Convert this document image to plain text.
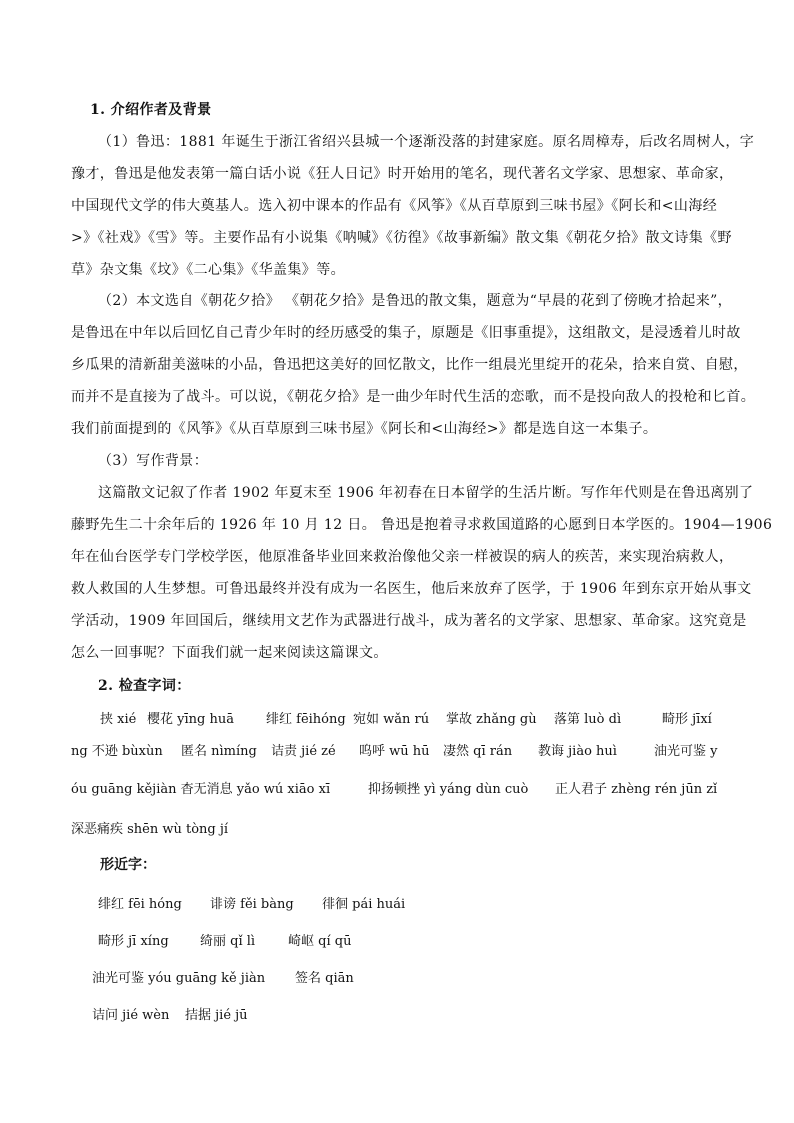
1. 介绍作者及背景
（1）鲁迅：1881 年诞生于浙江省绍兴县城一个逐渐没落的封建家庭。原名周樟寿，后改名周树人，字
豫才，鲁迅是他发表第一篇白话小说《狂人日记》时开始用的笔名，现代著名文学家、思想家、革命家，
中国现代文学的伟大奠基人。选入初中课本的作品有《风筝》《从百草原到三味书屋》《阿长和<山海经
>》《社戏》《雪》等。主要作品有小说集《呐喊》《彷徨》《故事新编》散文集《朝花夕拾》散文诗集《野
草》杂文集《坟》《二心集》《华盖集》等。
（2）本文选自《朝花夕拾》 《朝花夕拾》是鲁迅的散文集，题意为“早晨的花到了傍晚才拾起来”，
是鲁迅在中年以后回忆自己青少年时的经历感受的集子，原题是《旧事重提》，这组散文，是浸透着儿时故
乡瓜果的清新甜美滋味的小品，鲁迅把这美好的回忆散文，比作一组晨光里绽开的花朵，拾来自赏、自慰，
而并不是直接为了战斗。可以说，《朝花夕拾》是一曲少年时代生活的恋歌，而不是投向敌人的投枪和匕首。
我们前面提到的《风筝》《从百草原到三味书屋》《阿长和<山海经>》都是选自这一本集子。
（3）写作背景：
这篇散文记叙了作者 1902 年夏末至 1906 年初春在日本留学的生活片断。写作年代则是在鲁迅离别了
藤野先生二十余年后的 1926 年 10 月 12 日。 鲁迅是抱着寻求救国道路的心愿到日本学医的。1904—1906
年在仙台医学专门学校学医，他原准备毕业回来救治像他父亲一样被误的病人的疾苦，来实现治病救人，
救人救国的人生梦想。可鲁迅最终并没有成为一名医生，他后来放弃了医学，于 1906 年到东京开始从事文
学活动，1909 年回国后，继续用文艺作为武器进行战斗，成为著名的文学家、思想家、革命家。这究竟是
怎么一回事呢？下面我们就一起来阅读这篇课文。
2. 检查字词：
挟 xié 樱花 yīng huā 绯红 fēihóng 宛如 wǎn rú 掌故 zhǎng gù 落第 luò dì	畸形 jīxí
ng 不逊 bùxùn 匿名 nìmíng 诘责 jié zé 呜呼 wū hū 凄然 qī rán 教诲 jiào huì	油光可鉴 y
óu guāng kějiàn 杳无消息 yǎo wú xiāo xī	抑扬顿挫 yì yáng dùn cuò 正人君子 zhèng rén jūn zǐ
深恶痛疾 shēn wù tòng jí
形近字：
绯红 fēi hóng 诽谤 fěi bàng 徘徊 pái huái
畸形 jī xíng 绮丽 qǐ lì	崎岖 qí qū
油光可鉴 yóu guāng kě jiàn 签名 qiān
诘问 jié wèn 拮据 jié jū
